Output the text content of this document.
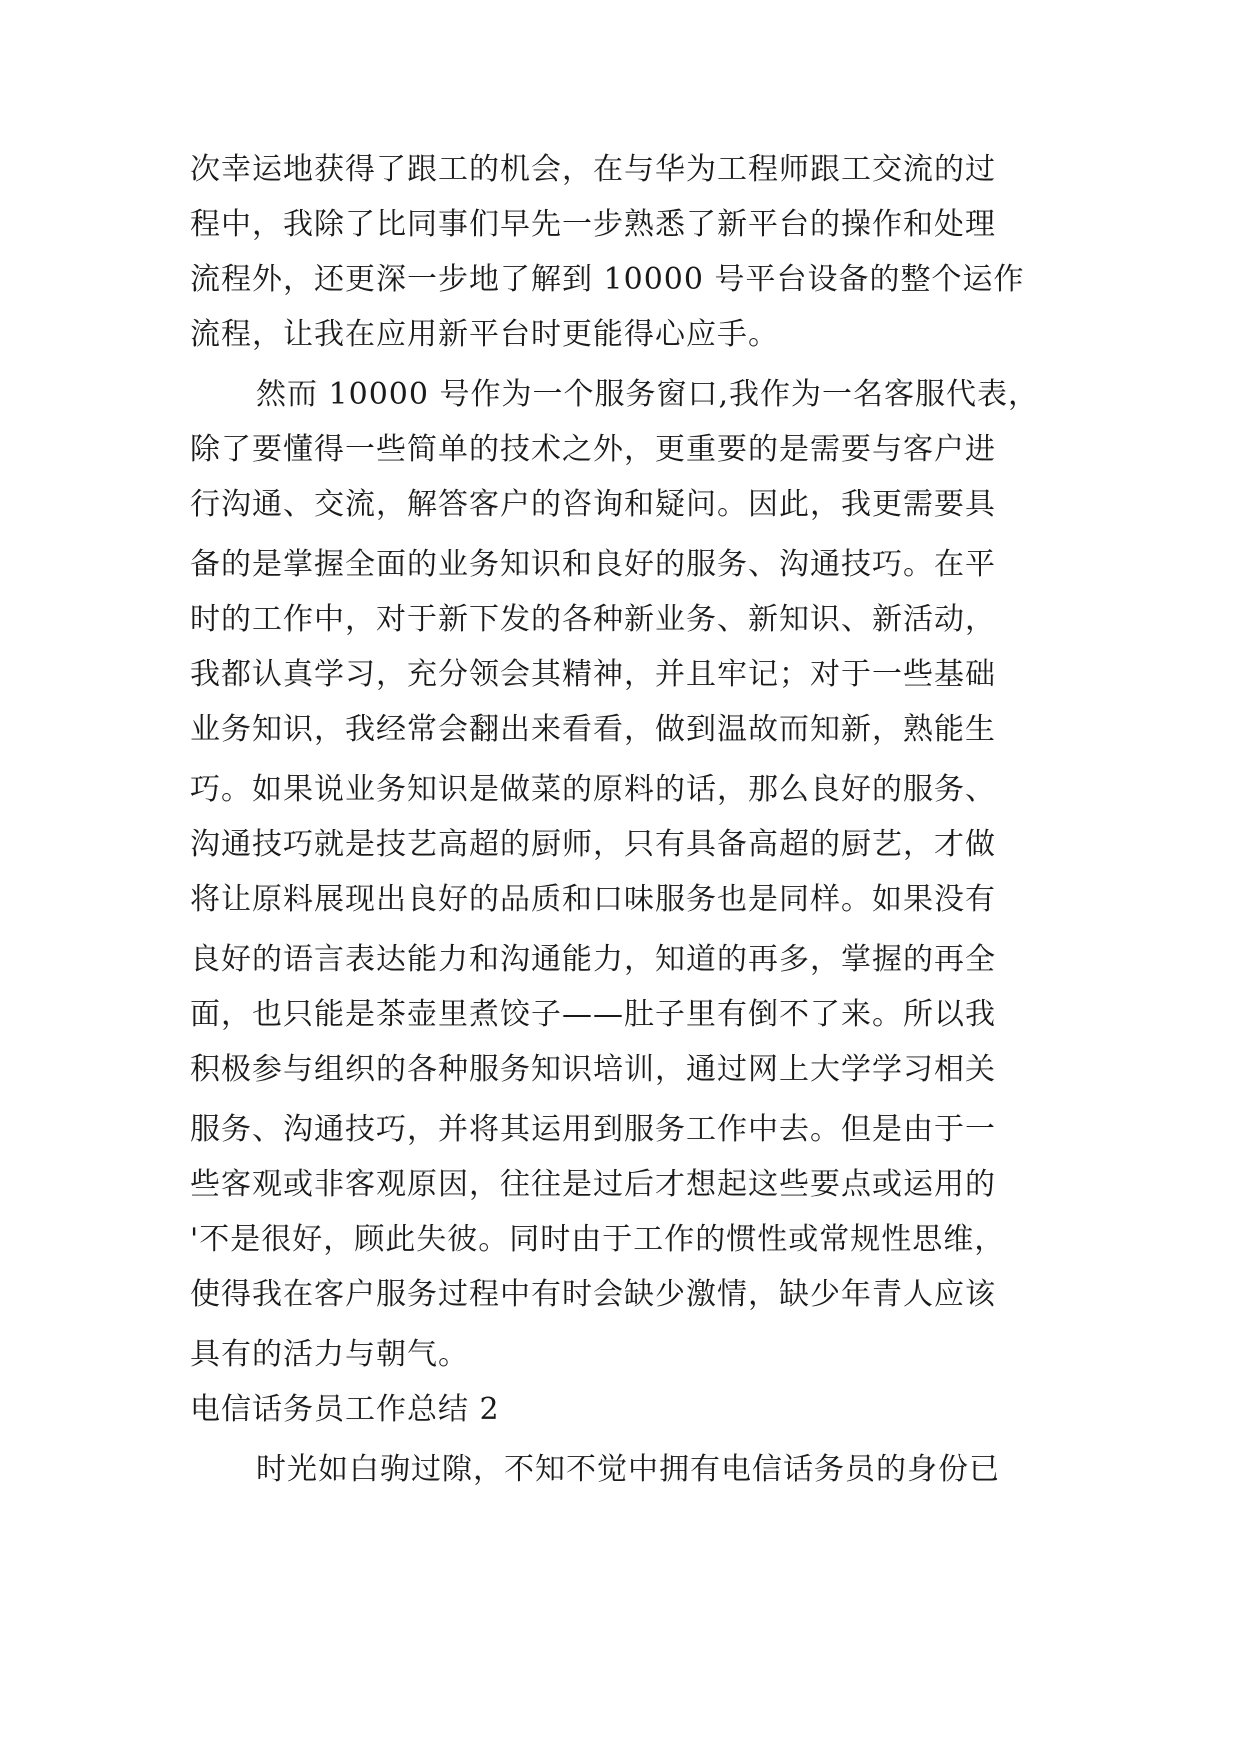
次幸运地获得了跟工的机会，在与华为工程师跟工交流的过
程中，我除了比同事们早先一步熟悉了新平台的操作和处理
流程外，还更深一步地了解到 10000 号平台设备的整个运作
流程，让我在应用新平台时更能得心应手。
然而 10000 号作为一个服务窗口,我作为一名客服代表，
除了要懂得一些简单的技术之外，更重要的是需要与客户进
行沟通、交流，解答客户的咨询和疑问。因此，我更需要具
备的是掌握全面的业务知识和良好的服务、沟通技巧。在平
时的工作中，对于新下发的各种新业务、新知识、新活动，
我都认真学习，充分领会其精神，并且牢记；对于一些基础
业务知识，我经常会翻出来看看，做到温故而知新，熟能生
巧。如果说业务知识是做菜的原料的话，那么良好的服务、
沟通技巧就是技艺高超的厨师，只有具备高超的厨艺，才做
将让原料展现出良好的品质和口味服务也是同样。如果没有
良好的语言表达能力和沟通能力，知道的再多，掌握的再全
面，也只能是茶壶里煮饺子——肚子里有倒不了来。所以我
积极参与组织的各种服务知识培训，通过网上大学学习相关
服务、沟通技巧，并将其运用到服务工作中去。但是由于一
些客观或非客观原因，往往是过后才想起这些要点或运用的
'不是很好，顾此失彼。同时由于工作的惯性或常规性思维，
使得我在客户服务过程中有时会缺少激情，缺少年青人应该
具有的活力与朝气。
电信话务员工作总结 2
时光如白驹过隙，不知不觉中拥有电信话务员的身份已
